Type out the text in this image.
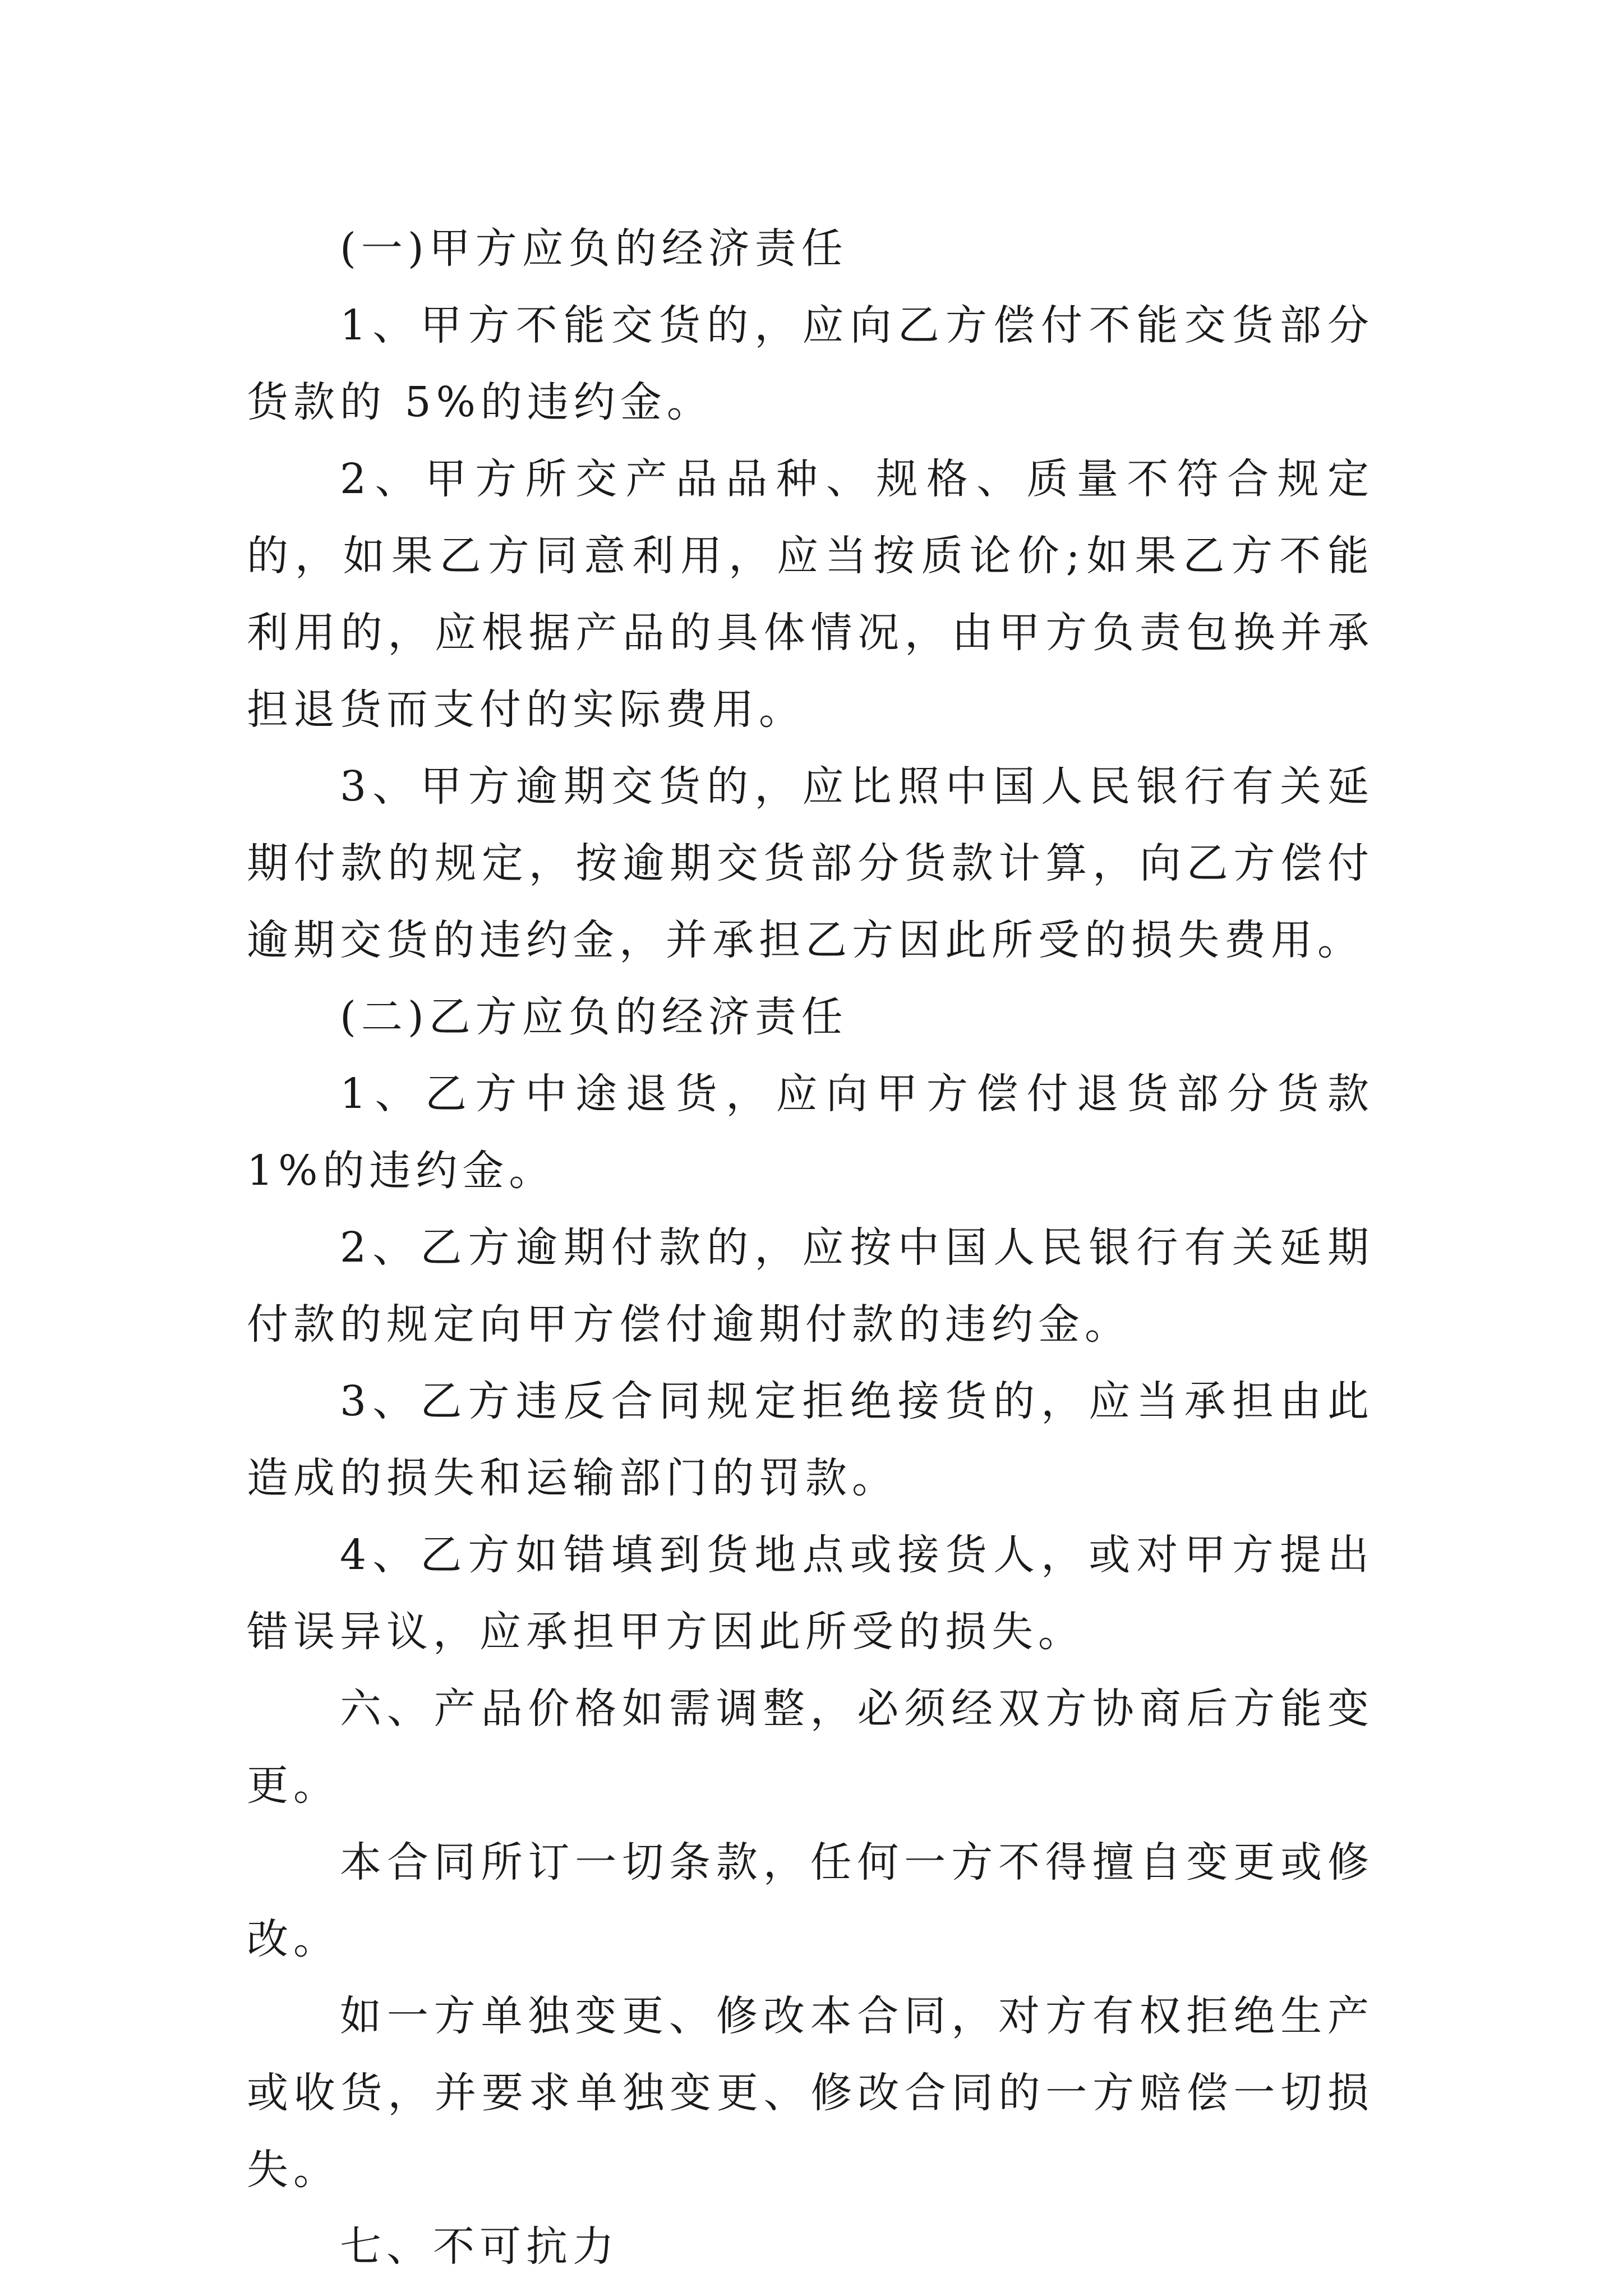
(一)甲方应负的经济责任

1、甲方不能交货的，应向乙方偿付不能交货部分货款的 5%的违约金。

2、甲方所交产品品种、规格、质量不符合规定的，如果乙方同意利用，应当按质论价;如果乙方不能利用的，应根据产品的具体情况，由甲方负责包换并承担退货而支付的实际费用。

3、甲方逾期交货的，应比照中国人民银行有关延期付款的规定，按逾期交货部分货款计算，向乙方偿付逾期交货的违约金，并承担乙方因此所受的损失费用。

(二)乙方应负的经济责任

1、乙方中途退货，应向甲方偿付退货部分货款 1%的违约金。

2、乙方逾期付款的，应按中国人民银行有关延期付款的规定向甲方偿付逾期付款的违约金。

3、乙方违反合同规定拒绝接货的，应当承担由此造成的损失和运输部门的罚款。

4、乙方如错填到货地点或接货人，或对甲方提出错误异议，应承担甲方因此所受的损失。

六、产品价格如需调整，必须经双方协商后方能变更。

本合同所订一切条款，任何一方不得擅自变更或修改。

如一方单独变更、修改本合同，对方有权拒绝生产或收货，并要求单独变更、修改合同的一方赔偿一切损失。

七、不可抗力
